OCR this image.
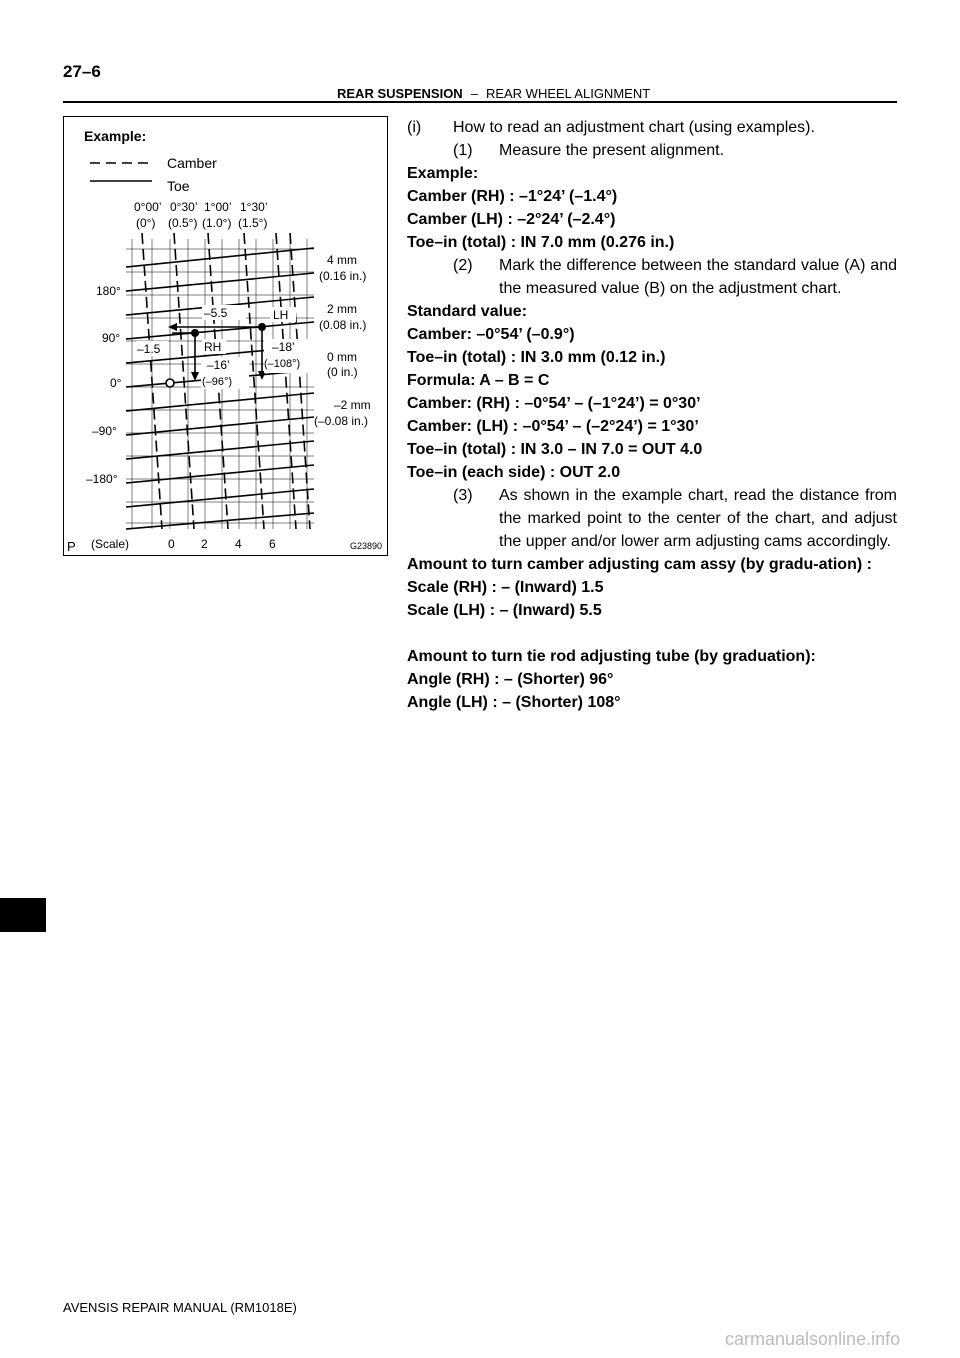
27–6
REAR SUSPENSION – REAR WHEEL ALIGNMENT
Example:
Camber
Toe
0°00’ 0°30’ 1°00’ 1°30’
(0°) (0.5°) (1.0°) (1.5°)
180°
90°
0°
–90°
–180°
4 mm
(0.16 in.)
2 mm
(0.08 in.)
0 mm
(0 in.)
–2 mm
(–0.08 in.)
–5.5	LH
–18’
(–108°)
–1.5	RH
–16’
(–96°)
P (Scale)	0 2 4 6	G23890

(i)	How to read an adjustment chart (using examples).

(1)	Measure the present alignment.

Example:

Camber (RH) : –1°24’ (–1.4°)

Camber (LH) : –2°24’ (–2.4°)

Toe–in (total) : IN 7.0 mm (0.276 in.)

(2)	Mark the difference between the standard value (A) and the measured value (B) on the adjustment chart.

Standard value:

Camber: –0°54’ (–0.9°)

Toe–in (total) : IN 3.0 mm (0.12 in.)

Formula: A – B = C

Camber: (RH) : –0°54’ – (–1°24’) = 0°30’

Camber: (LH) : –0°54’ – (–2°24’) = 1°30’

Toe–in (total) : IN 3.0 – IN 7.0 = OUT 4.0

Toe–in (each side) : OUT 2.0

(3)	As shown in the example chart, read the distance from the marked point to the center of the chart, and adjust the upper and/or lower arm adjusting cams accordingly.

Amount to turn camber adjusting cam assy (by gradu-ation) :

Scale (RH) : – (Inward) 1.5

Scale (LH) : – (Inward) 5.5

Amount to turn tie rod adjusting tube (by graduation):

Angle (RH) : – (Shorter) 96°

Angle (LH) : – (Shorter) 108°

AVENSIS REPAIR MANUAL (RM1018E)
carmanualsonline.info
